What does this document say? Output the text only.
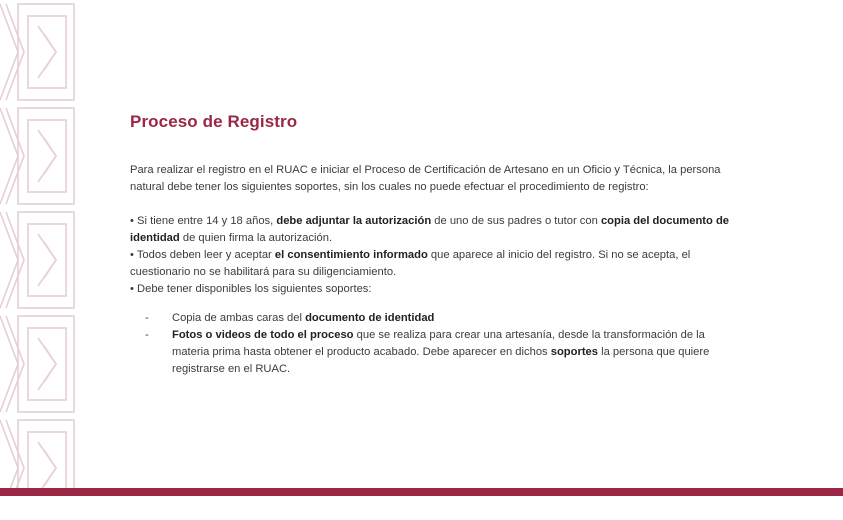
Proceso de Registro

Para realizar el registro en el RUAC e iniciar el Proceso de Certificación de Artesano en un Oficio y Técnica, la persona natural debe tener los siguientes soportes, sin los cuales no puede efectuar el procedimiento de registro:

• Si tiene entre 14 y 18 años, debe adjuntar la autorización de uno de sus padres o tutor con copia del documento de identidad de quien firma la autorización.

• Todos deben leer y aceptar el consentimiento informado que aparece al inicio del registro. Si no se acepta, el cuestionario no se habilitará para su diligenciamiento.

• Debe tener disponibles los siguientes soportes:

- Copia de ambas caras del documento de identidad
- Fotos o videos de todo el proceso que se realiza para crear una artesanía, desde la transformación de la materia prima hasta obtener el producto acabado. Debe aparecer en dichos soportes la persona que quiere registrarse en el RUAC.
